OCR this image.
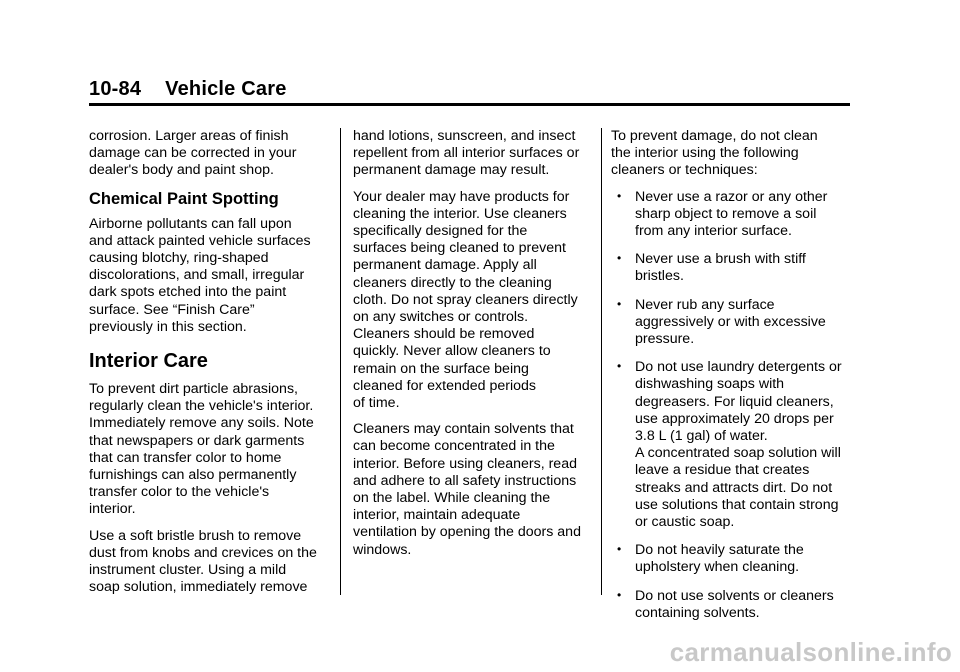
10-84 Vehicle Care

corrosion. Larger areas of finish
damage can be corrected in your
dealer's body and paint shop.

Chemical Paint Spotting

Airborne pollutants can fall upon
and attack painted vehicle surfaces
causing blotchy, ring-shaped
discolorations, and small, irregular
dark spots etched into the paint
surface. See “Finish Care”
previously in this section.

Interior Care

To prevent dirt particle abrasions,
regularly clean the vehicle's interior.
Immediately remove any soils. Note
that newspapers or dark garments
that can transfer color to home
furnishings can also permanently
transfer color to the vehicle's
interior.

Use a soft bristle brush to remove
dust from knobs and crevices on the
instrument cluster. Using a mild
soap solution, immediately remove

hand lotions, sunscreen, and insect
repellent from all interior surfaces or
permanent damage may result.

Your dealer may have products for
cleaning the interior. Use cleaners
specifically designed for the
surfaces being cleaned to prevent
permanent damage. Apply all
cleaners directly to the cleaning
cloth. Do not spray cleaners directly
on any switches or controls.
Cleaners should be removed
quickly. Never allow cleaners to
remain on the surface being
cleaned for extended periods
of time.

Cleaners may contain solvents that
can become concentrated in the
interior. Before using cleaners, read
and adhere to all safety instructions
on the label. While cleaning the
interior, maintain adequate
ventilation by opening the doors and
windows.

To prevent damage, do not clean
the interior using the following
cleaners or techniques:

• Never use a razor or any other
sharp object to remove a soil
from any interior surface.
• Never use a brush with stiff
bristles.
• Never rub any surface
aggressively or with excessive
pressure.
• Do not use laundry detergents or
dishwashing soaps with
degreasers. For liquid cleaners,
use approximately 20 drops per
3.8 L (1 gal) of water.
A concentrated soap solution will
leave a residue that creates
streaks and attracts dirt. Do not
use solutions that contain strong
or caustic soap.
• Do not heavily saturate the
upholstery when cleaning.
• Do not use solvents or cleaners
containing solvents.
carmanualsonline.info
